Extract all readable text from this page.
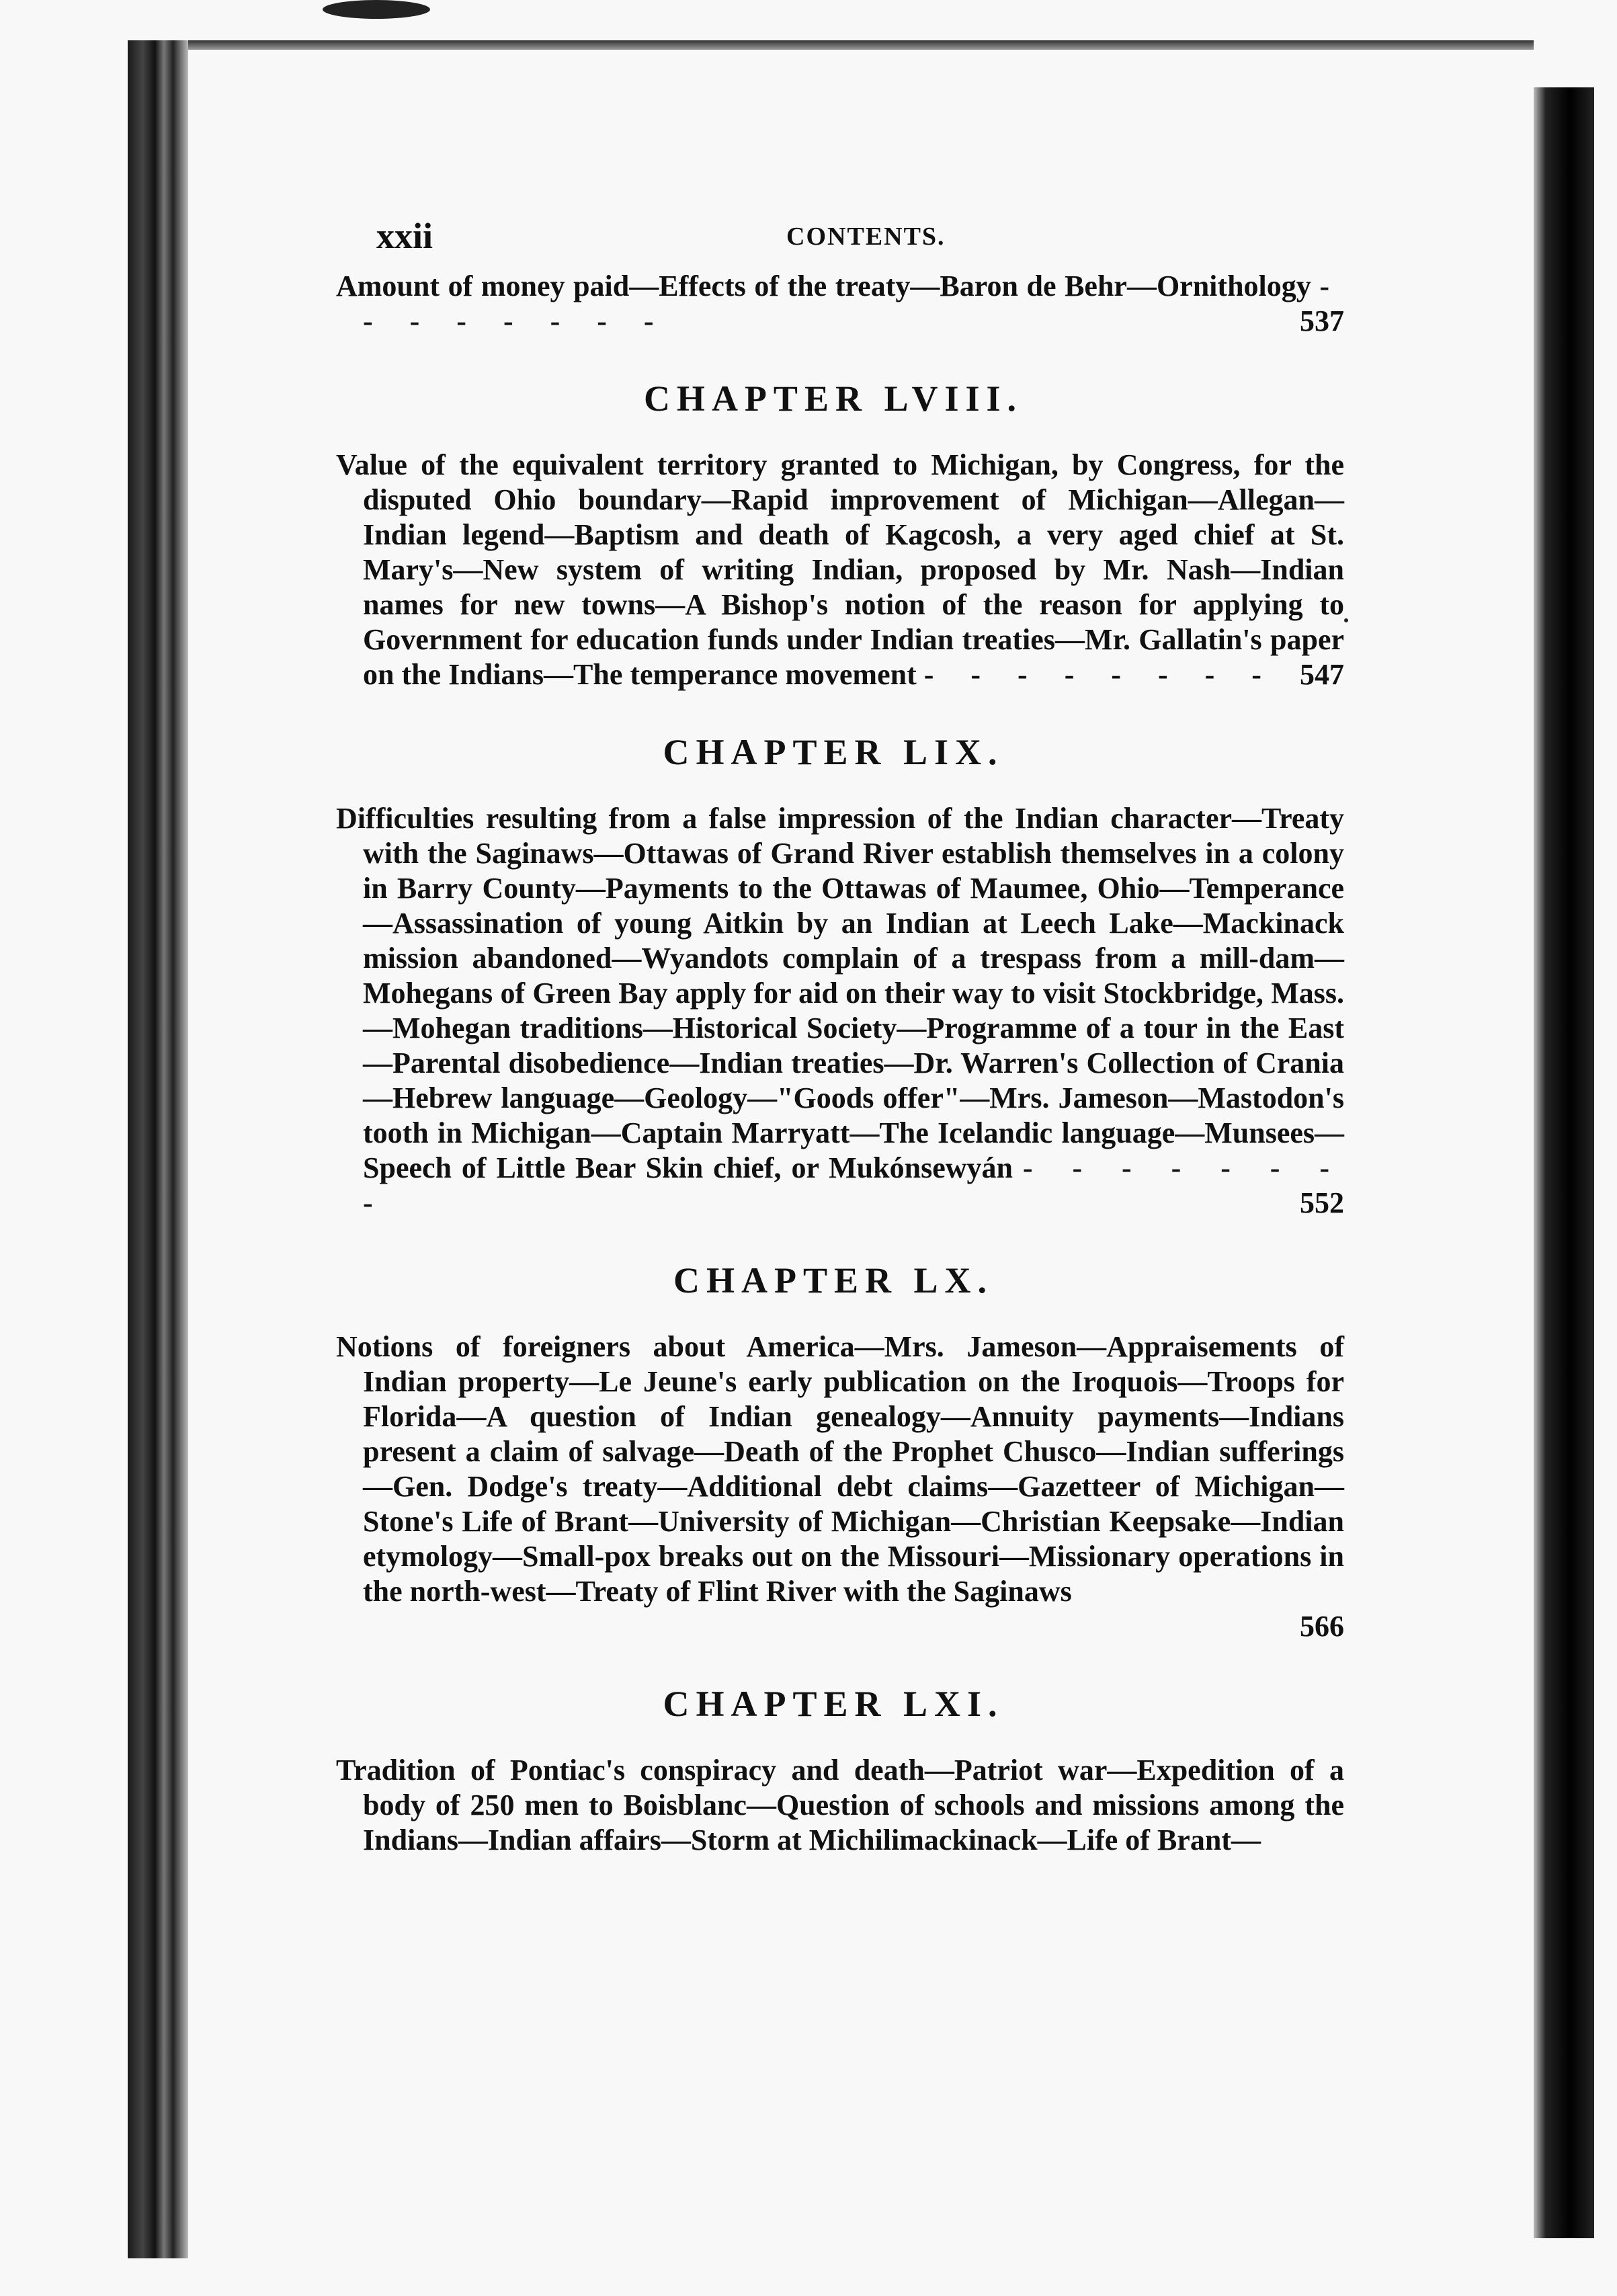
xxii	CONTENTS.
Amount of money paid—Effects of the treaty—Baron de Behr—Ornithology - - - - - - - -	537
CHAPTER LVIII.
Value of the equivalent territory granted to Michigan, by Congress, for the disputed Ohio boundary—Rapid improvement of Michigan—Allegan—Indian legend—Baptism and death of Kagcosh, a very aged chief at St. Mary's—New system of writing Indian, proposed by Mr. Nash—Indian names for new towns—A Bishop's notion of the reason for applying to Government for education funds under Indian treaties—Mr. Gallatin's paper on the Indians—The temperance movement - - - - - - - - 547
CHAPTER LIX.
Difficulties resulting from a false impression of the Indian character—Treaty with the Saginaws—Ottawas of Grand River establish themselves in a colony in Barry County—Payments to the Ottawas of Maumee, Ohio—Temperance—Assassination of young Aitkin by an Indian at Leech Lake—Mackinack mission abandoned—Wyandots complain of a trespass from a mill-dam—Mohegans of Green Bay apply for aid on their way to visit Stockbridge, Mass.—Mohegan traditions—Historical Society—Programme of a tour in the East—Parental disobedience—Indian treaties—Dr. Warren's Collection of Crania—Hebrew language—Geology—"Goods offer"—Mrs. Jameson—Mastodon's tooth in Michigan—Captain Marryatt—The Icelandic language—Munsees—Speech of Little Bear Skin chief, or Mukónsewyán - - - - - - - -	552
CHAPTER LX.
Notions of foreigners about America—Mrs. Jameson—Appraisements of Indian property—Le Jeune's early publication on the Iroquois—Troops for Florida—A question of Indian genealogy—Annuity payments—Indians present a claim of salvage—Death of the Prophet Chusco—Indian sufferings—Gen. Dodge's treaty—Additional debt claims—Gazetteer of Michigan—Stone's Life of Brant—University of Michigan—Christian Keepsake—Indian etymology—Small-pox breaks out on the Missouri—Missionary operations in the north-west—Treaty of Flint River with the Saginaws
566
CHAPTER LXI.
Tradition of Pontiac's conspiracy and death—Patriot war—Expedition of a body of 250 men to Boisblanc—Question of schools and missions among the Indians—Indian affairs—Storm at Michilimackinack—Life of Brant—
